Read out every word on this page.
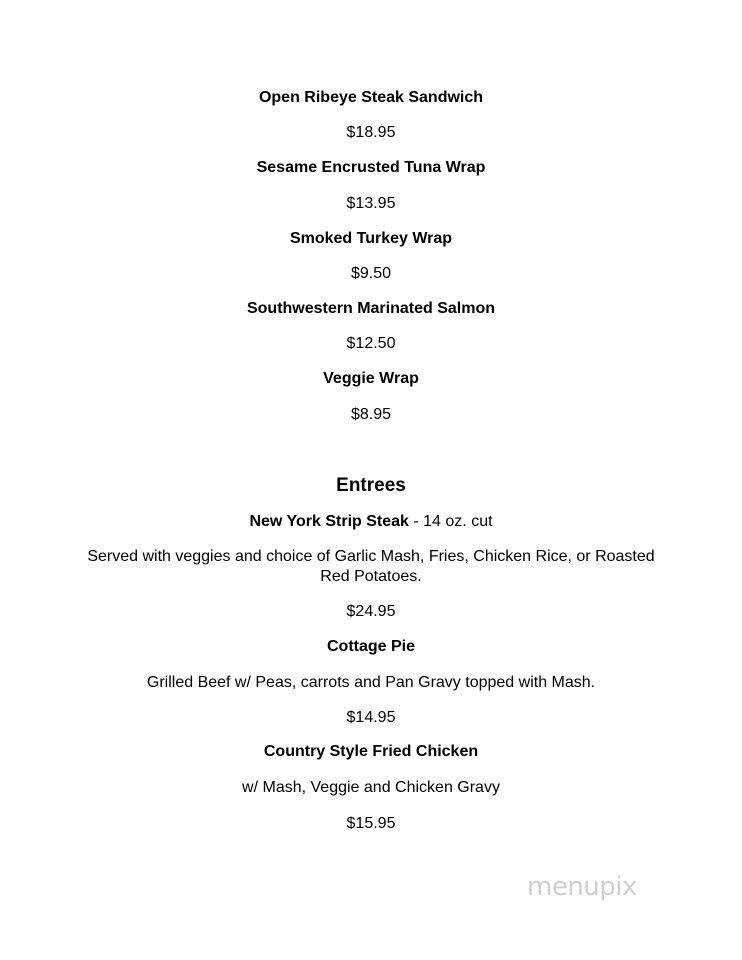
Open Ribeye Steak Sandwich
$18.95
Sesame Encrusted Tuna Wrap
$13.95
Smoked Turkey Wrap
$9.50
Southwestern Marinated Salmon
$12.50
Veggie Wrap
$8.95
Entrees
New York Strip Steak - 14 oz. cut
Served with veggies and choice of Garlic Mash, Fries, Chicken Rice, or Roasted Red Potatoes.
$24.95
Cottage Pie
Grilled Beef w/ Peas, carrots and Pan Gravy topped with Mash.
$14.95
Country Style Fried Chicken
w/ Mash, Veggie and Chicken Gravy
$15.95
menupix
